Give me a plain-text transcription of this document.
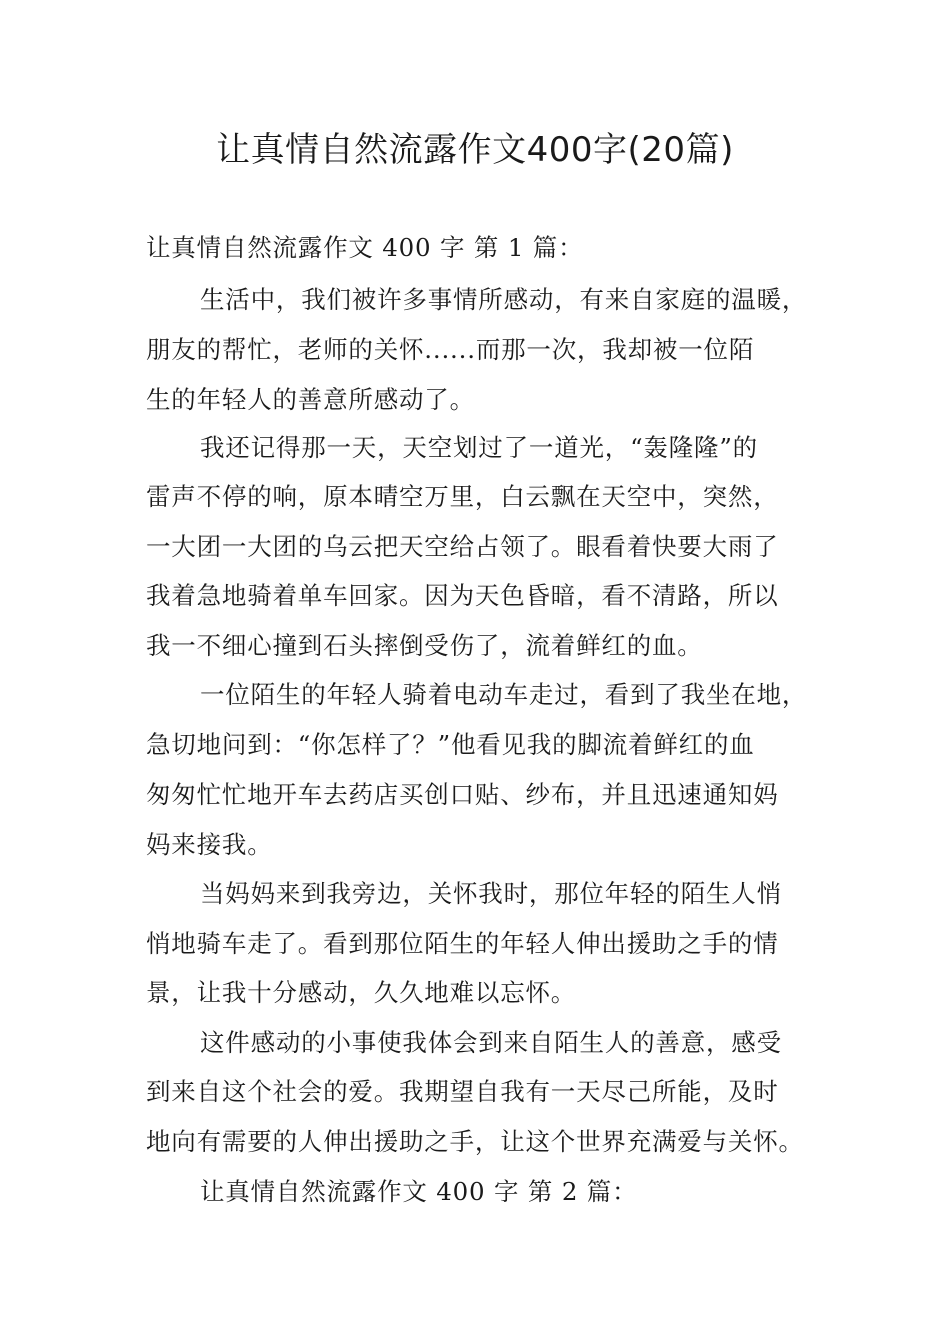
让真情自然流露作文400字(20篇)
让真情自然流露作文 400 字 第 1 篇：
生活中，我们被许多事情所感动，有来自家庭的温暖，
朋友的帮忙，老师的关怀......而那一次，我却被一位陌
生的年轻人的善意所感动了。
我还记得那一天，天空划过了一道光，“轰隆隆”的
雷声不停的响，原本晴空万里，白云飘在天空中，突然，
一大团一大团的乌云把天空给占领了。眼看着快要大雨了
我着急地骑着单车回家。因为天色昏暗，看不清路，所以
我一不细心撞到石头摔倒受伤了，流着鲜红的血。
一位陌生的年轻人骑着电动车走过，看到了我坐在地，
急切地问到：“你怎样了？”他看见我的脚流着鲜红的血
匆匆忙忙地开车去药店买创口贴、纱布，并且迅速通知妈
妈来接我。
当妈妈来到我旁边，关怀我时，那位年轻的陌生人悄
悄地骑车走了。看到那位陌生的年轻人伸出援助之手的情
景，让我十分感动，久久地难以忘怀。
这件感动的小事使我体会到来自陌生人的善意，感受
到来自这个社会的爱。我期望自我有一天尽己所能，及时
地向有需要的人伸出援助之手，让这个世界充满爱与关怀。
让真情自然流露作文 400 字 第 2 篇：
